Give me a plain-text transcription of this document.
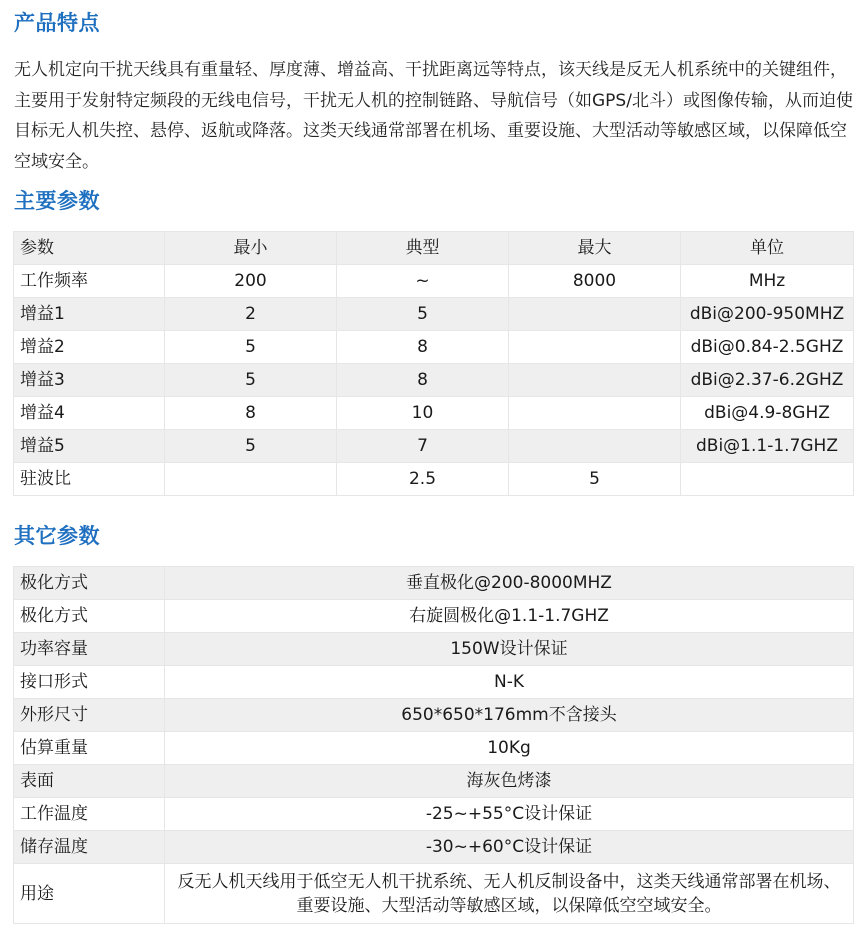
产品特点

无人机定向干扰天线具有重量轻、厚度薄、增益高、干扰距离远等特点，该天线是反无人机系统中的关键组件，主要用于发射特定频段的无线电信号，干扰无人机的控制链路、导航信号（如GPS/北斗）或图像传输，从而迫使目标无人机失控、悬停、返航或降落。这类天线通常部署在机场、重要设施、大型活动等敏感区域，以保障低空空域安全。

主要参数
参数	最小	典型	最大	单位
工作频率	200	~	8000	MHz
增益1	2	5		dBi@200-950MHZ
增益2	5	8		dBi@0.84-2.5GHZ
增益3	5	8		dBi@2.37-6.2GHZ
增益4	8	10		dBi@4.9-8GHZ
增益5	5	7		dBi@1.1-1.7GHZ
驻波比		2.5	5	
其它参数
极化方式	垂直极化@200-8000MHZ
极化方式	右旋圆极化@1.1-1.7GHZ
功率容量	150W设计保证
接口形式	N-K
外形尺寸	650*650*176mm不含接头
估算重量	10Kg
表面	海灰色烤漆
工作温度	-25~+55°C设计保证
储存温度	-30~+60°C设计保证
用途	反无人机天线用于低空无人机干扰系统、无人机反制设备中，这类天线通常部署在机场、重要设施、大型活动等敏感区域，以保障低空空域安全。
